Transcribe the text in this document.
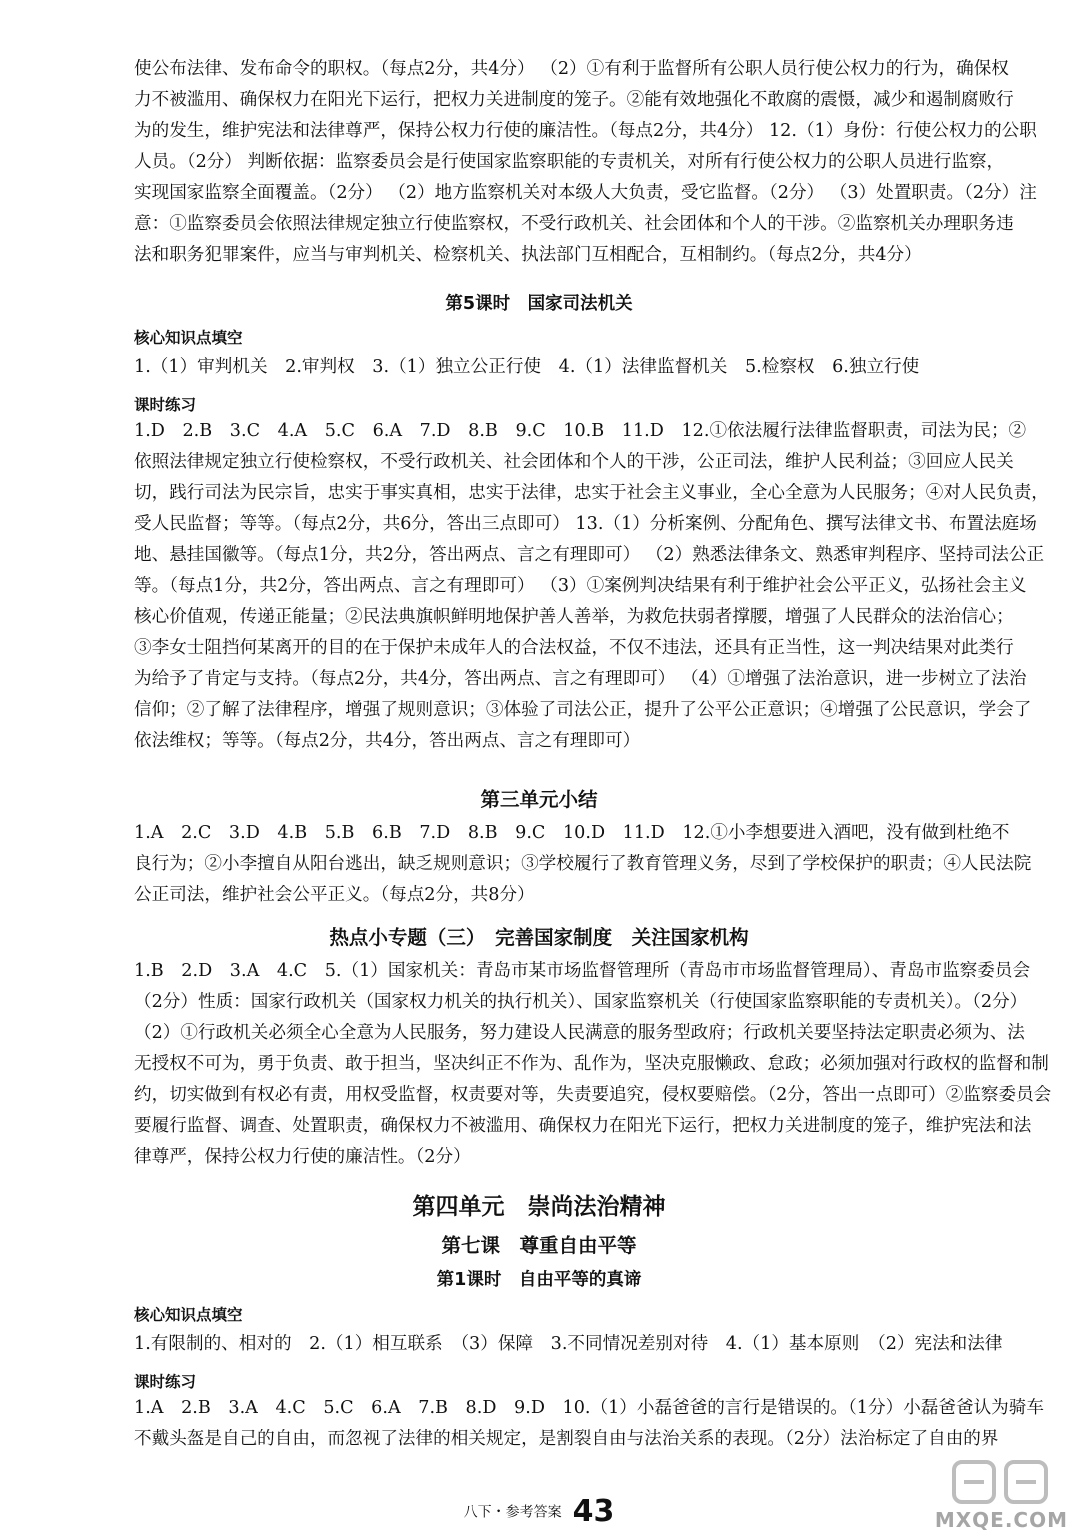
使公布法律、发布命令的职权。（每点2分，共4分） （2）①有利于监督所有公职人员行使公权力的行为，确保权
力不被滥用、确保权力在阳光下运行，把权力关进制度的笼子。②能有效地强化不敢腐的震慑，减少和遏制腐败行
为的发生，维护宪法和法律尊严，保持公权力行使的廉洁性。（每点2分，共4分） 12.（1）身份：行使公权力的公职
人员。（2分） 判断依据：监察委员会是行使国家监察职能的专责机关，对所有行使公权力的公职人员进行监察，
实现国家监察全面覆盖。（2分） （2）地方监察机关对本级人大负责，受它监督。（2分） （3）处置职责。（2分）注
意：①监察委员会依照法律规定独立行使监察权，不受行政机关、社会团体和个人的干涉。②监察机关办理职务违
法和职务犯罪案件，应当与审判机关、检察机关、执法部门互相配合，互相制约。（每点2分，共4分）
第5课时　国家司法机关
核心知识点填空
1.（1）审判机关　2.审判权　3.（1）独立公正行使　4.（1）法律监督机关　5.检察权　6.独立行使
课时练习
1.D　2.B　3.C　4.A　5.C　6.A　7.D　8.B　9.C　10.B　11.D　12.①依法履行法律监督职责，司法为民；②
依照法律规定独立行使检察权，不受行政机关、社会团体和个人的干涉，公正司法，维护人民利益；③回应人民关
切，践行司法为民宗旨，忠实于事实真相，忠实于法律，忠实于社会主义事业，全心全意为人民服务；④对人民负责，
受人民监督；等等。（每点2分，共6分，答出三点即可） 13.（1）分析案例、分配角色、撰写法律文书、布置法庭场
地、悬挂国徽等。（每点1分，共2分，答出两点、言之有理即可） （2）熟悉法律条文、熟悉审判程序、坚持司法公正
等。（每点1分，共2分，答出两点、言之有理即可） （3）①案例判决结果有利于维护社会公平正义，弘扬社会主义
核心价值观，传递正能量；②民法典旗帜鲜明地保护善人善举，为救危扶弱者撑腰，增强了人民群众的法治信心；
③李女士阻挡何某离开的目的在于保护未成年人的合法权益，不仅不违法，还具有正当性，这一判决结果对此类行
为给予了肯定与支持。（每点2分，共4分，答出两点、言之有理即可） （4）①增强了法治意识，进一步树立了法治
信仰；②了解了法律程序，增强了规则意识；③体验了司法公正，提升了公平公正意识；④增强了公民意识，学会了
依法维权；等等。（每点2分，共4分，答出两点、言之有理即可）
第三单元小结
1.A　2.C　3.D　4.B　5.B　6.B　7.D　8.B　9.C　10.D　11.D　12.①小李想要进入酒吧，没有做到杜绝不
良行为；②小李擅自从阳台逃出，缺乏规则意识；③学校履行了教育管理义务，尽到了学校保护的职责；④人民法院
公正司法，维护社会公平正义。（每点2分，共8分）
热点小专题（三）　完善国家制度　关注国家机构
1.B　2.D　3.A　4.C　5.（1）国家机关：青岛市某市场监督管理所（青岛市市场监督管理局）、青岛市监察委员会
（2分）性质：国家行政机关（国家权力机关的执行机关）、国家监察机关（行使国家监察职能的专责机关）。（2分）
（2）①行政机关必须全心全意为人民服务，努力建设人民满意的服务型政府；行政机关要坚持法定职责必须为、法
无授权不可为，勇于负责、敢于担当，坚决纠正不作为、乱作为，坚决克服懒政、怠政；必须加强对行政权的监督和制
约，切实做到有权必有责，用权受监督，权责要对等，失责要追究，侵权要赔偿。（2分，答出一点即可）②监察委员会
要履行监督、调查、处置职责，确保权力不被滥用、确保权力在阳光下运行，把权力关进制度的笼子，维护宪法和法
律尊严，保持公权力行使的廉洁性。（2分）
第四单元　崇尚法治精神
第七课　尊重自由平等
第1课时　自由平等的真谛
核心知识点填空
1.有限制的、相对的　2.（1）相互联系　（3）保障　3.不同情况差别对待　4.（1）基本原则　（2）宪法和法律
课时练习
1.A　2.B　3.A　4.C　5.C　6.A　7.B　8.D　9.D　10.（1）小磊爸爸的言行是错误的。（1分）小磊爸爸认为骑车
不戴头盔是自己的自由，而忽视了法律的相关规定，是割裂自由与法治关系的表现。（2分）法治标定了自由的界
八下・参考答案 43	MXQE.COM
